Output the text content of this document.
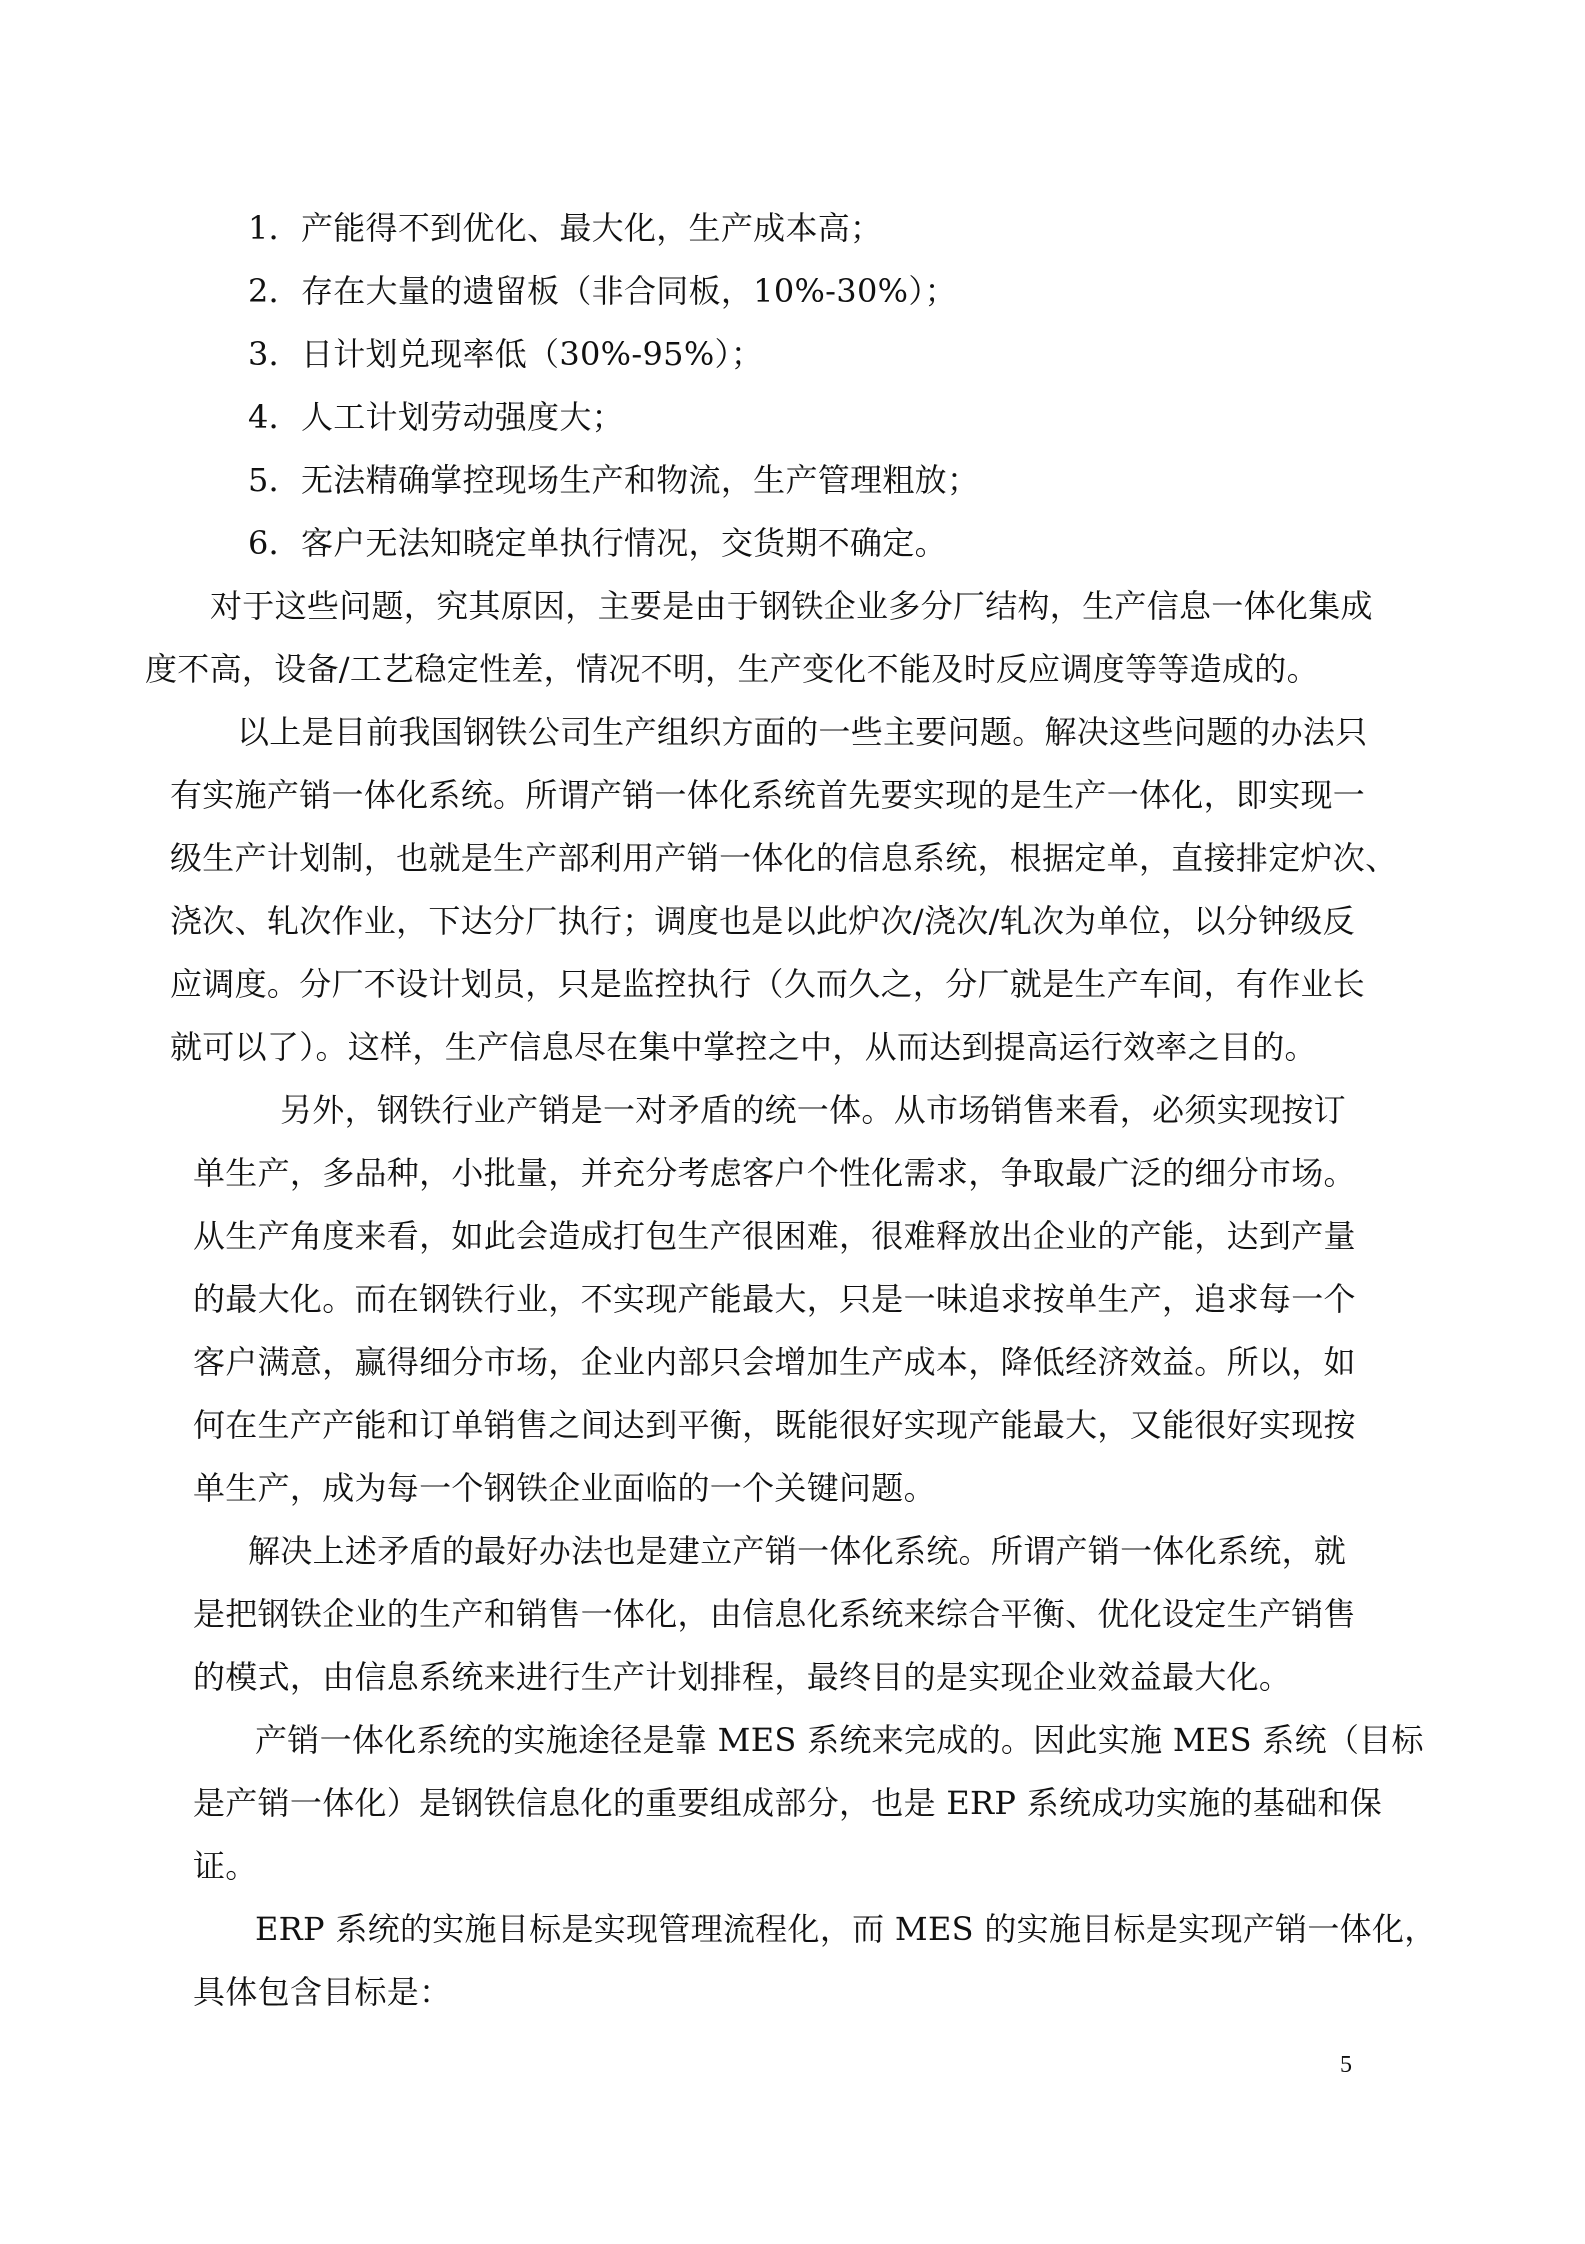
1．产能得不到优化、最大化，生产成本高；
2．存在大量的遗留板（非合同板，10%-30%）；
3．日计划兑现率低（30%-95%）；
4．人工计划劳动强度大；
5．无法精确掌控现场生产和物流，生产管理粗放；
6．客户无法知晓定单执行情况，交货期不确定。
对于这些问题，究其原因，主要是由于钢铁企业多分厂结构，生产信息一体化集成
度不高，设备/工艺稳定性差，情况不明，生产变化不能及时反应调度等等造成的。
以上是目前我国钢铁公司生产组织方面的一些主要问题。解决这些问题的办法只
有实施产销一体化系统。所谓产销一体化系统首先要实现的是生产一体化，即实现一
级生产计划制，也就是生产部利用产销一体化的信息系统，根据定单，直接排定炉次、
浇次、轧次作业，下达分厂执行；调度也是以此炉次/浇次/轧次为单位，以分钟级反
应调度。分厂不设计划员，只是监控执行（久而久之，分厂就是生产车间，有作业长
就可以了）。这样，生产信息尽在集中掌控之中，从而达到提高运行效率之目的。
另外，钢铁行业产销是一对矛盾的统一体。从市场销售来看，必须实现按订
单生产，多品种，小批量，并充分考虑客户个性化需求，争取最广泛的细分市场。
从生产角度来看，如此会造成打包生产很困难，很难释放出企业的产能，达到产量
的最大化。而在钢铁行业，不实现产能最大，只是一味追求按单生产，追求每一个
客户满意，赢得细分市场，企业内部只会增加生产成本，降低经济效益。所以，如
何在生产产能和订单销售之间达到平衡，既能很好实现产能最大，又能很好实现按
单生产，成为每一个钢铁企业面临的一个关键问题。
解决上述矛盾的最好办法也是建立产销一体化系统。所谓产销一体化系统，就
是把钢铁企业的生产和销售一体化，由信息化系统来综合平衡、优化设定生产销售
的模式，由信息系统来进行生产计划排程，最终目的是实现企业效益最大化。
产销一体化系统的实施途径是靠 MES 系统来完成的。因此实施 MES 系统（目标
是产销一体化）是钢铁信息化的重要组成部分，也是 ERP 系统成功实施的基础和保
证。
ERP 系统的实施目标是实现管理流程化，而 MES 的实施目标是实现产销一体化，
具体包含目标是：
5
